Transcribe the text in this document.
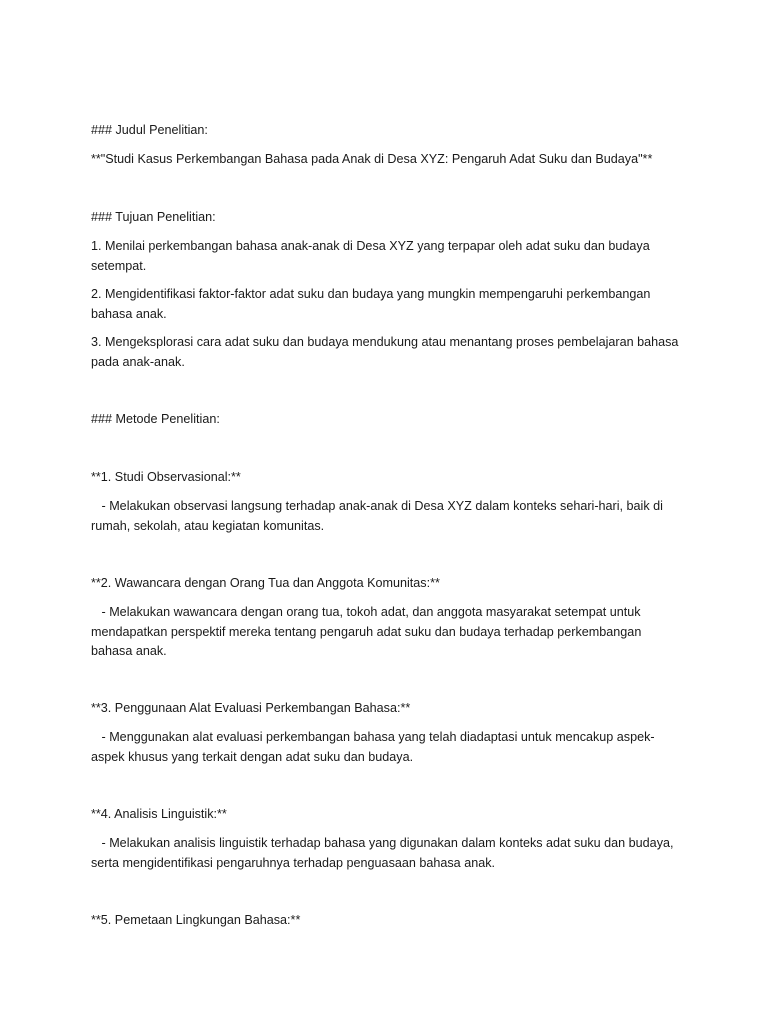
### Judul Penelitian:

**"Studi Kasus Perkembangan Bahasa pada Anak di Desa XYZ: Pengaruh Adat Suku dan Budaya"**

### Tujuan Penelitian:

1. Menilai perkembangan bahasa anak-anak di Desa XYZ yang terpapar oleh adat suku dan budaya setempat.

2. Mengidentifikasi faktor-faktor adat suku dan budaya yang mungkin mempengaruhi perkembangan bahasa anak.

3. Mengeksplorasi cara adat suku dan budaya mendukung atau menantang proses pembelajaran bahasa pada anak-anak.

### Metode Penelitian:

**1. Studi Observasional:**

- Melakukan observasi langsung terhadap anak-anak di Desa XYZ dalam konteks sehari-hari, baik di rumah, sekolah, atau kegiatan komunitas.

**2. Wawancara dengan Orang Tua dan Anggota Komunitas:**

- Melakukan wawancara dengan orang tua, tokoh adat, dan anggota masyarakat setempat untuk mendapatkan perspektif mereka tentang pengaruh adat suku dan budaya terhadap perkembangan bahasa anak.

**3. Penggunaan Alat Evaluasi Perkembangan Bahasa:**

- Menggunakan alat evaluasi perkembangan bahasa yang telah diadaptasi untuk mencakup aspek-aspek khusus yang terkait dengan adat suku dan budaya.

**4. Analisis Linguistik:**

- Melakukan analisis linguistik terhadap bahasa yang digunakan dalam konteks adat suku dan budaya, serta mengidentifikasi pengaruhnya terhadap penguasaan bahasa anak.

**5. Pemetaan Lingkungan Bahasa:**
